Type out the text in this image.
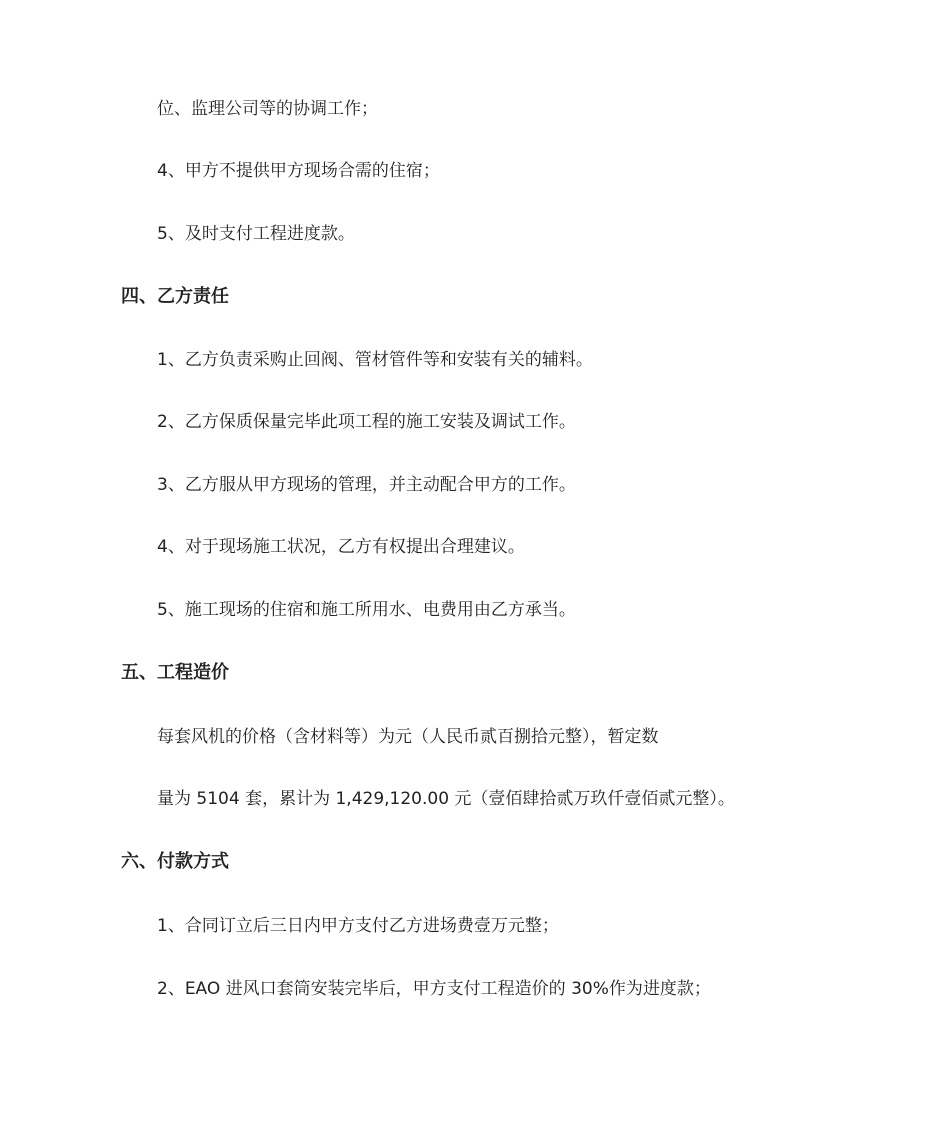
位、监理公司等的协调工作；
4、甲方不提供甲方现场合需的住宿；
5、及时支付工程进度款。
四、乙方责任
1、乙方负责采购止回阀、管材管件等和安装有关的辅料。
2、乙方保质保量完毕此项工程的施工安装及调试工作。
3、乙方服从甲方现场的管理，并主动配合甲方的工作。
4、对于现场施工状况，乙方有权提出合理建议。
5、施工现场的住宿和施工所用水、电费用由乙方承当。
五、工程造价
每套风机的价格（含材料等）为元（人民币贰百捌拾元整），暂定数
量为 5104 套，累计为 1,429,120.00 元（壹佰肆拾贰万玖仟壹佰贰元整）。
六、付款方式
1、合同订立后三日内甲方支付乙方进场费壹万元整；
2、EAO 进风口套筒安装完毕后，甲方支付工程造价的 30%作为进度款；
